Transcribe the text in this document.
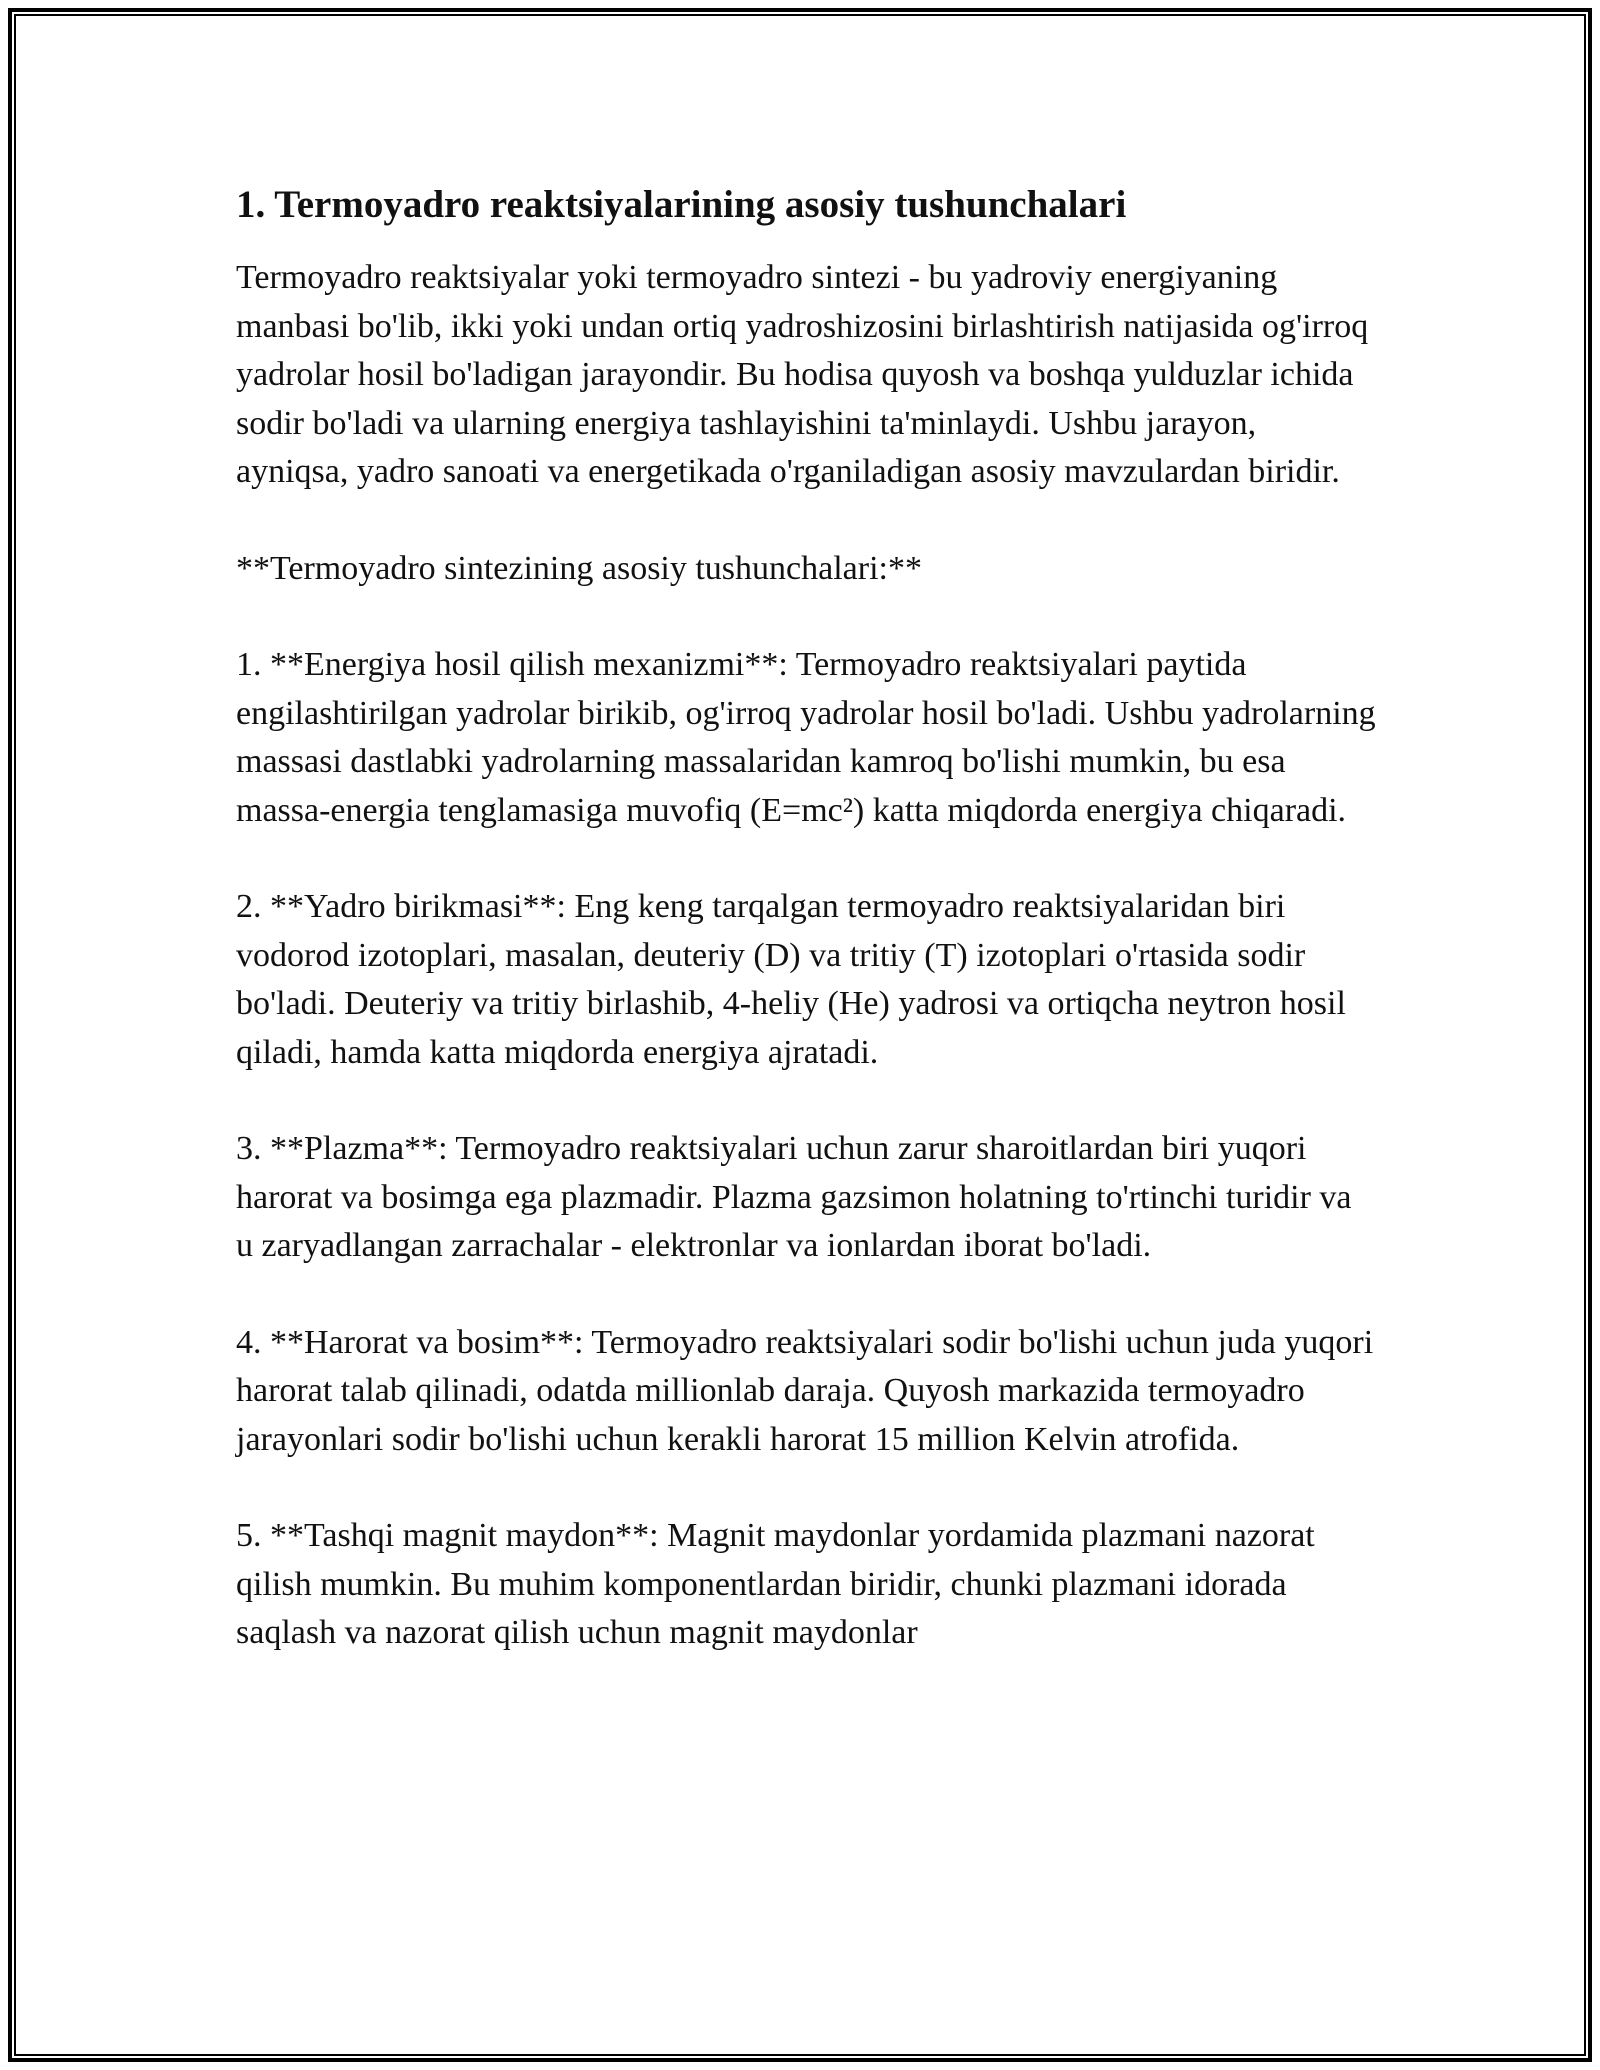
1. Termoyadro reaktsiyalarining asosiy tushunchalari

Termoyadro reaktsiyalar yoki termoyadro sintezi - bu yadroviy energiyaning manbasi bo'lib, ikki yoki undan ortiq yadroshizosini birlashtirish natijasida og'irroq yadrolar hosil bo'ladigan jarayondir. Bu hodisa quyosh va boshqa yulduzlar ichida sodir bo'ladi va ularning energiya tashlayishini ta'minlaydi. Ushbu jarayon, ayniqsa, yadro sanoati va energetikada o'rganiladigan asosiy mavzulardan biridir.

**Termoyadro sintezining asosiy tushunchalari:**

1. **Energiya hosil qilish mexanizmi**: Termoyadro reaktsiyalari paytida engilashtirilgan yadrolar birikib, og'irroq yadrolar hosil bo'ladi. Ushbu yadrolarning massasi dastlabki yadrolarning massalaridan kamroq bo'lishi mumkin, bu esa massa-energia tenglamasiga muvofiq (E=mc²) katta miqdorda energiya chiqaradi.

2. **Yadro birikmasi**: Eng keng tarqalgan termoyadro reaktsiyalaridan biri vodorod izotoplari, masalan, deuteriy (D) va tritiy (T) izotoplari o'rtasida sodir bo'ladi. Deuteriy va tritiy birlashib, 4-heliy (He) yadrosi va ortiqcha neytron hosil qiladi, hamda katta miqdorda energiya ajratadi.

3. **Plazma**: Termoyadro reaktsiyalari uchun zarur sharoitlardan biri yuqori harorat va bosimga ega plazmadir. Plazma gazsimon holatning to'rtinchi turidir va u zaryadlangan zarrachalar - elektronlar va ionlardan iborat bo'ladi.

4. **Harorat va bosim**: Termoyadro reaktsiyalari sodir bo'lishi uchun juda yuqori harorat talab qilinadi, odatda millionlab daraja. Quyosh markazida termoyadro jarayonlari sodir bo'lishi uchun kerakli harorat 15 million Kelvin atrofida.

5. **Tashqi magnit maydon**: Magnit maydonlar yordamida plazmani nazorat qilish mumkin. Bu muhim komponentlardan biridir, chunki plazmani idorada saqlash va nazorat qilish uchun magnit maydonlar
